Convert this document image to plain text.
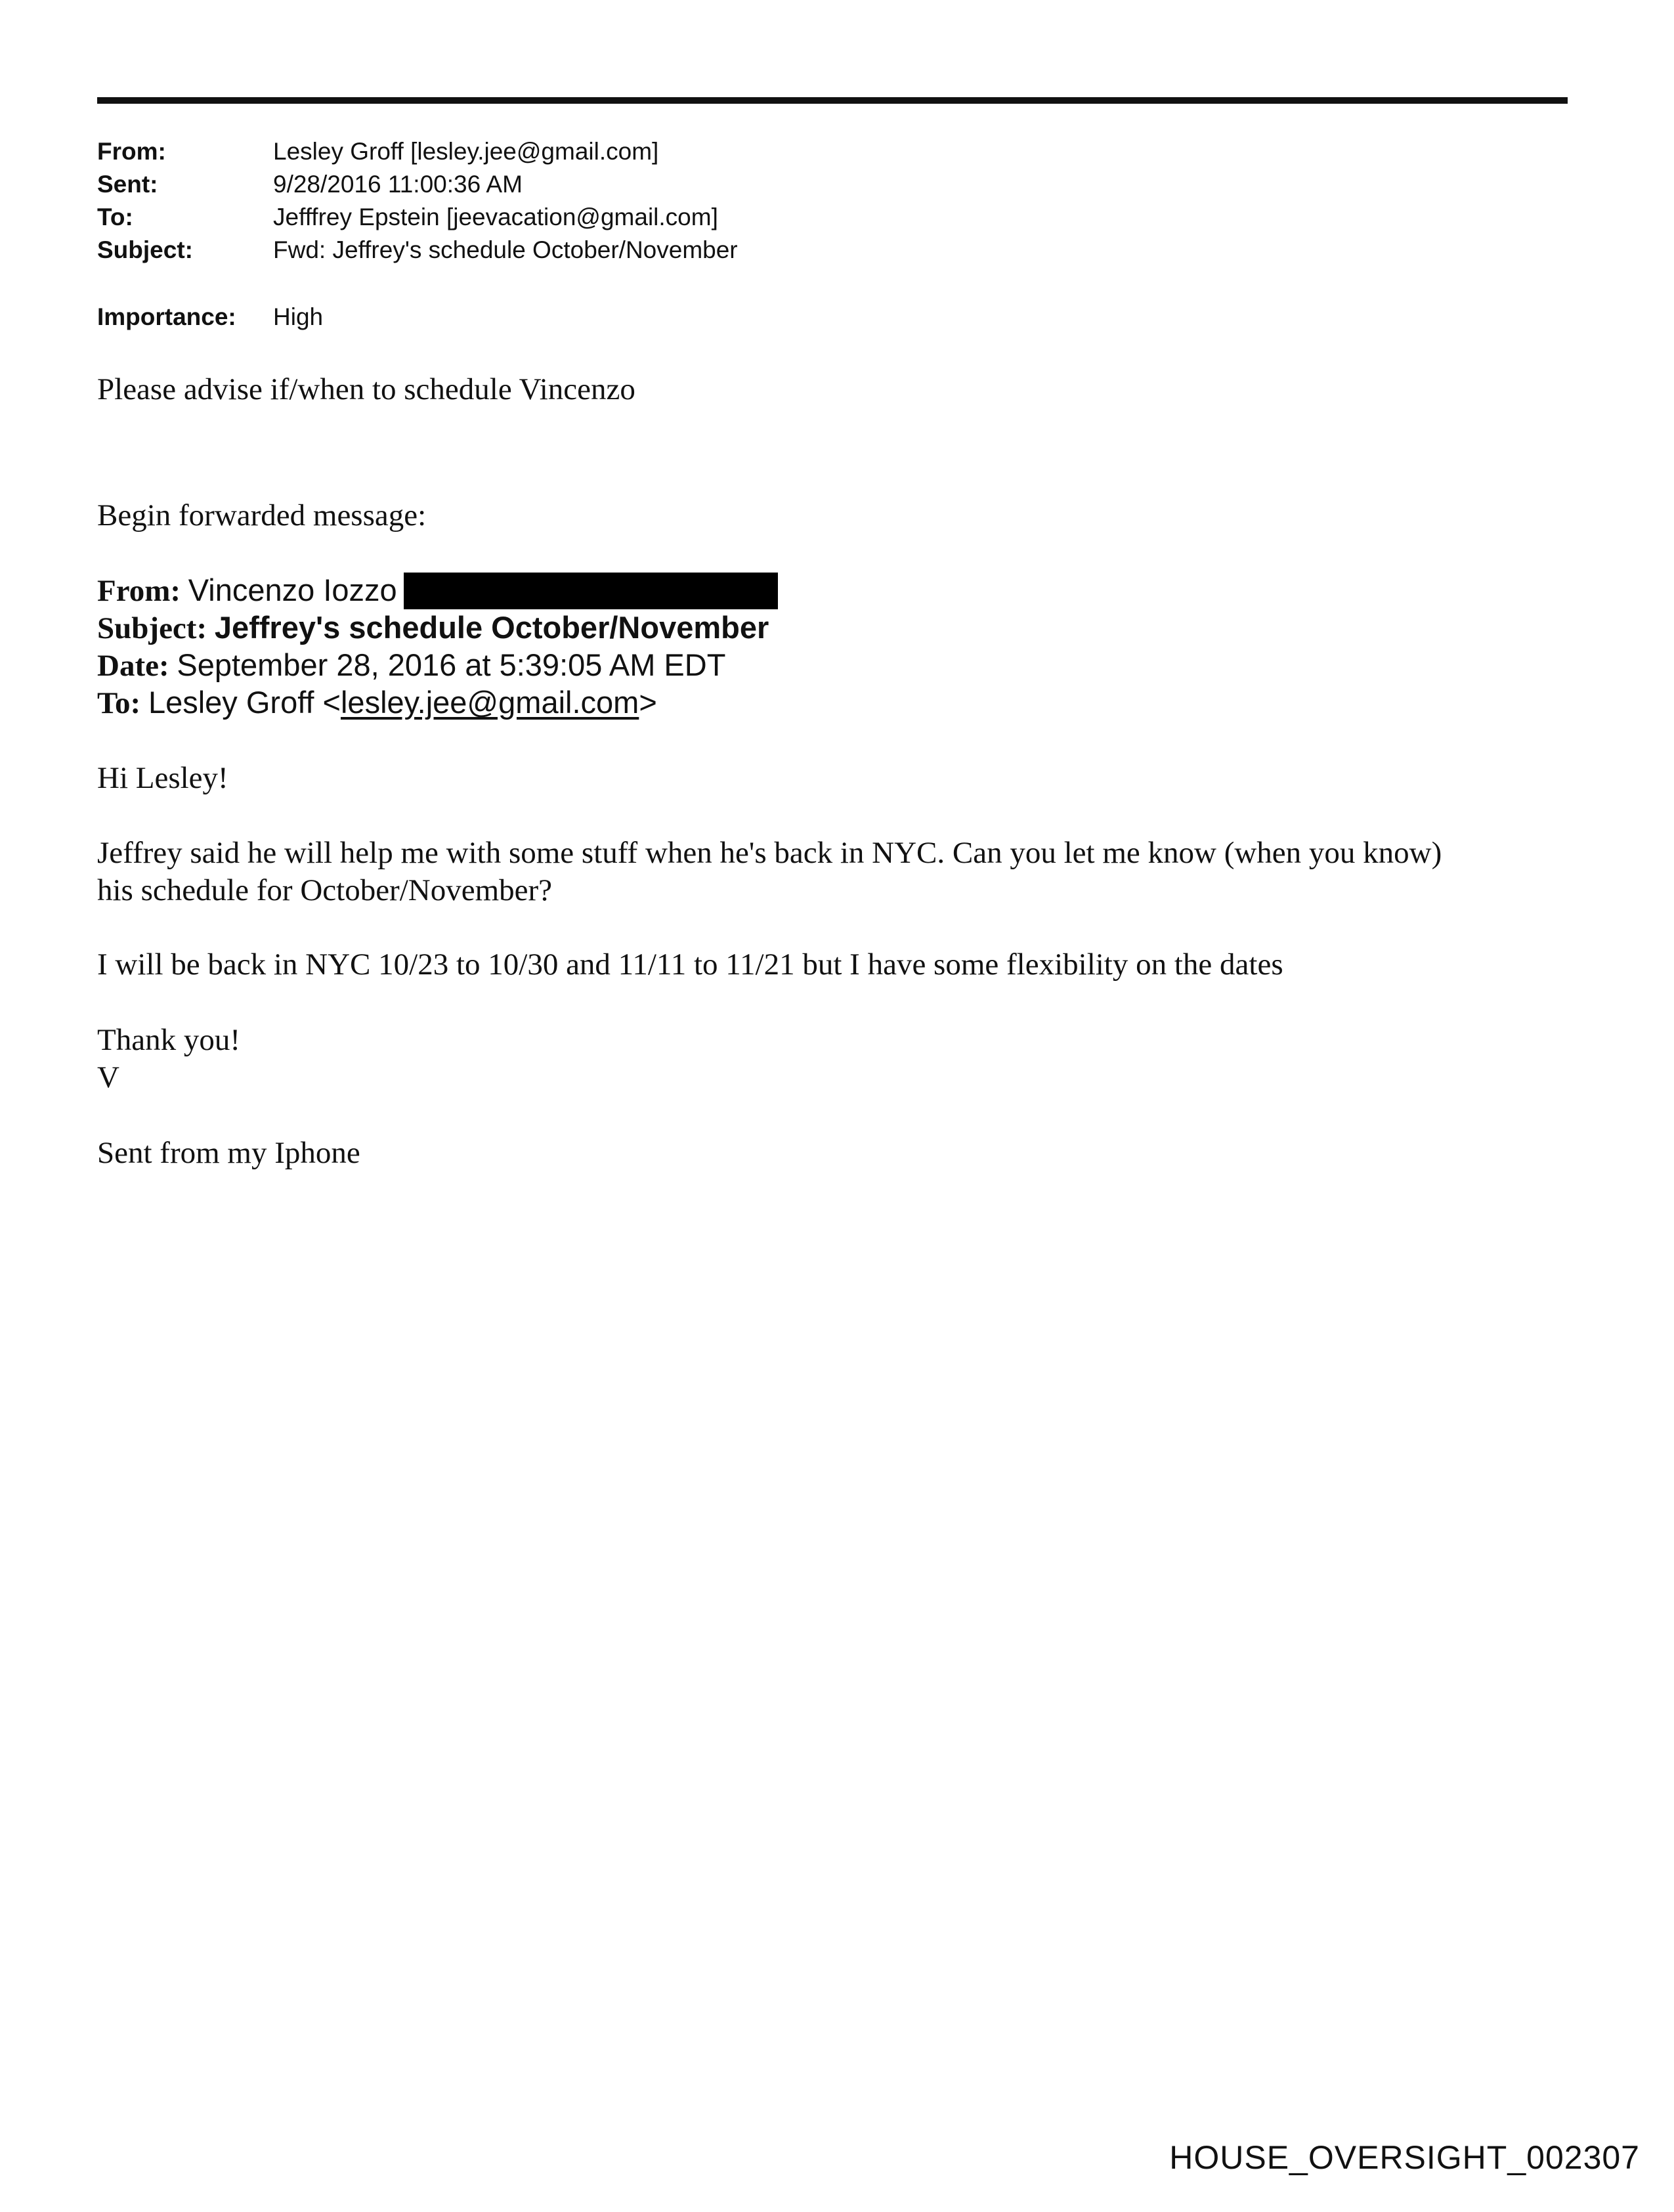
From:	Lesley Groff [lesley.jee@gmail.com]
Sent:	9/28/2016 11:00:36 AM
To:	Jefffrey Epstein [jeevacation@gmail.com]
Subject:	Fwd: Jeffrey's schedule October/November
Importance: High
Please advise if/when to schedule Vincenzo
Begin forwarded message:
From: Vincenzo Iozzo
Subject: Jeffrey's schedule October/November
Date: September 28, 2016 at 5:39:05 AM EDT
To: Lesley Groff <lesley.jee@gmail.com>
Hi Lesley!
Jeffrey said he will help me with some stuff when he's back in NYC. Can you let me know (when you know)
his schedule for October/November?
I will be back in NYC 10/23 to 10/30 and 11/11 to 11/21 but I have some flexibility on the dates
Thank you!
V
Sent from my Iphone
HOUSE_OVERSIGHT_002307
